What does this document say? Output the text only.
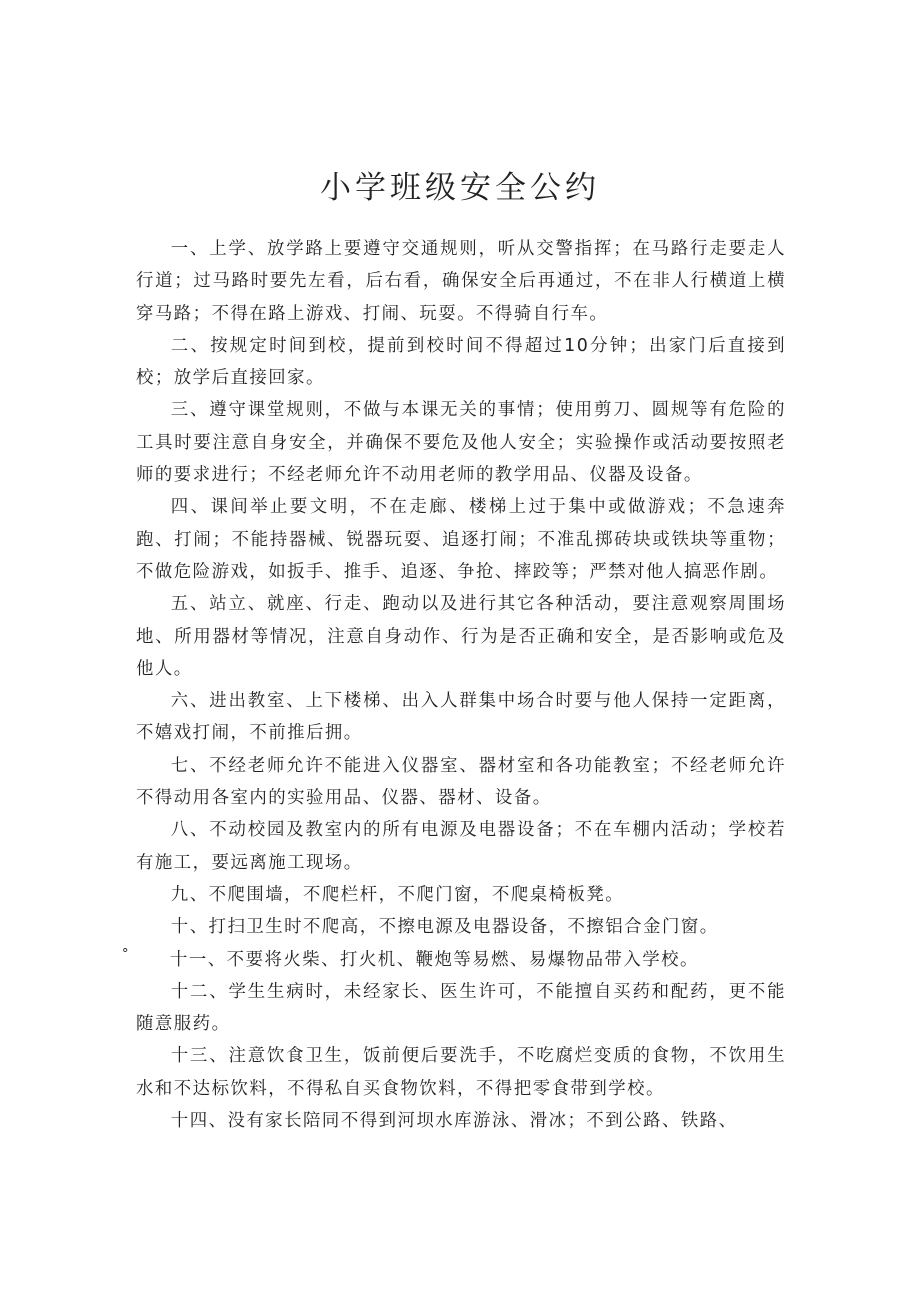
小学班级安全公约

一、上学、放学路上要遵守交通规则，听从交警指挥；在马路行走要走人行道；过马路时要先左看，后右看，确保安全后再通过，不在非人行横道上横穿马路；不得在路上游戏、打闹、玩耍。不得骑自行车。

二、按规定时间到校，提前到校时间不得超过10分钟；出家门后直接到校；放学后直接回家。

三、遵守课堂规则，不做与本课无关的事情；使用剪刀、圆规等有危险的工具时要注意自身安全，并确保不要危及他人安全；实验操作或活动要按照老师的要求进行；不经老师允许不动用老师的教学用品、仪器及设备。

四、课间举止要文明，不在走廊、楼梯上过于集中或做游戏；不急速奔跑、打闹；不能持器械、锐器玩耍、追逐打闹；不准乱掷砖块或铁块等重物；不做危险游戏，如扳手、推手、追逐、争抢、摔跤等；严禁对他人搞恶作剧。

五、站立、就座、行走、跑动以及进行其它各种活动，要注意观察周围场地、所用器材等情况，注意自身动作、行为是否正确和安全，是否影响或危及他人。

六、进出教室、上下楼梯、出入人群集中场合时要与他人保持一定距离，不嬉戏打闹，不前推后拥。

七、不经老师允许不能进入仪器室、器材室和各功能教室；不经老师允许不得动用各室内的实验用品、仪器、器材、设备。

八、不动校园及教室内的所有电源及电器设备；不在车棚内活动；学校若有施工，要远离施工现场。

九、不爬围墙，不爬栏杆，不爬门窗，不爬桌椅板凳。

十、打扫卫生时不爬高，不擦电源及电器设备，不擦铝合金门窗。

° 十一、不要将火柴、打火机、鞭炮等易燃、易爆物品带入学校。

十二、学生生病时，未经家长、医生许可，不能擅自买药和配药，更不能随意服药。

十三、注意饮食卫生，饭前便后要洗手，不吃腐烂变质的食物，不饮用生水和不达标饮料，不得私自买食物饮料，不得把零食带到学校。

十四、没有家长陪同不得到河坝水库游泳、滑冰；不到公路、铁路、
